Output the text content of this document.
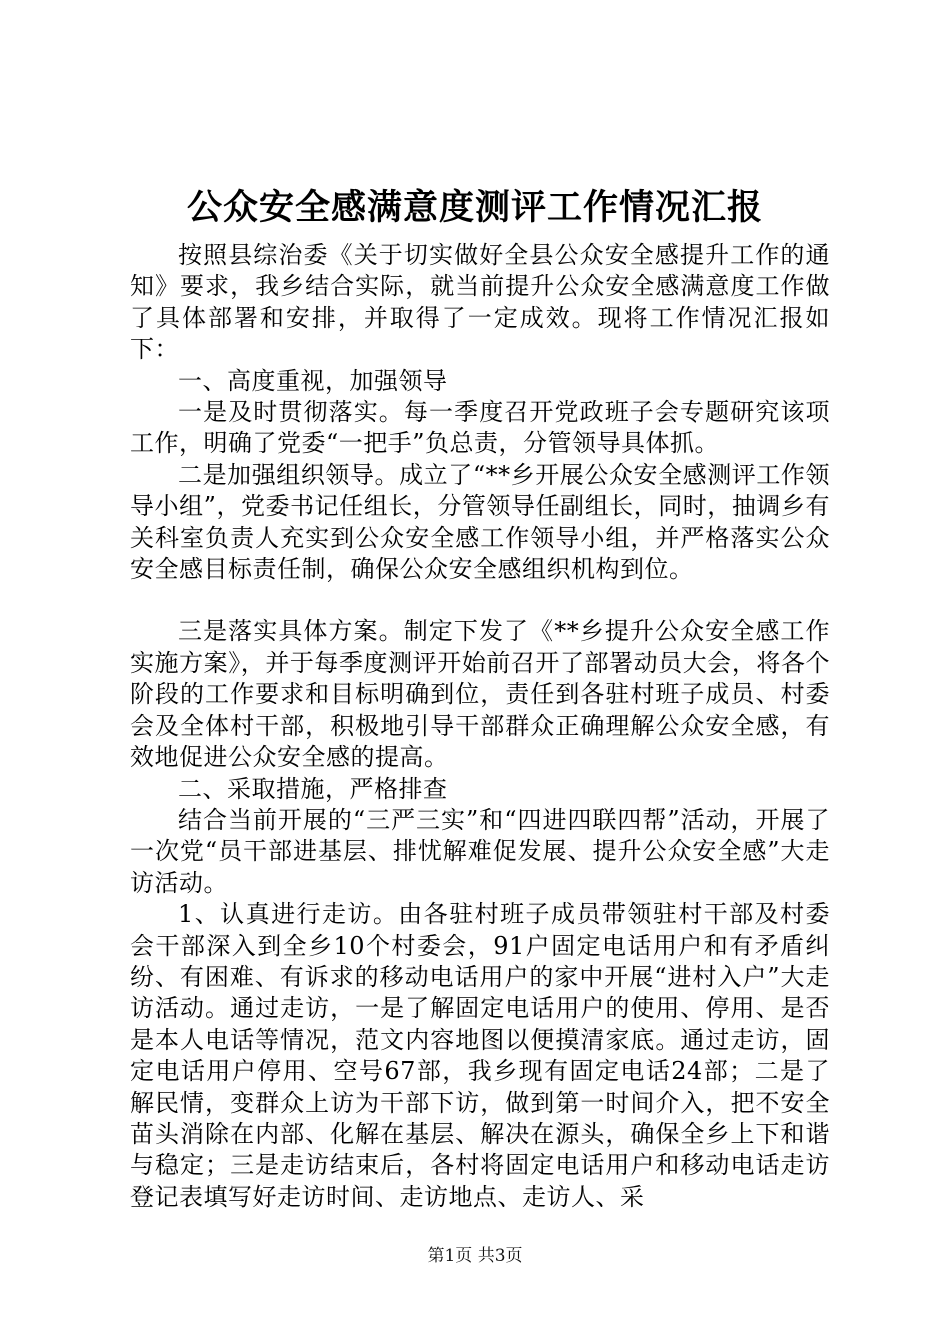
公众安全感满意度测评工作情况汇报

按照县综治委《关于切实做好全县公众安全感提升工作的通知》要求，我乡结合实际，就当前提升公众安全感满意度工作做了具体部署和安排，并取得了一定成效。现将工作情况汇报如下：

一、高度重视，加强领导

一是及时贯彻落实。每一季度召开党政班子会专题研究该项工作，明确了党委“一把手”负总责，分管领导具体抓。

二是加强组织领导。成立了“**乡开展公众安全感测评工作领导小组”，党委书记任组长，分管领导任副组长，同时，抽调乡有关科室负责人充实到公众安全感工作领导小组，并严格落实公众安全感目标责任制，确保公众安全感组织机构到位。

三是落实具体方案。制定下发了《**乡提升公众安全感工作实施方案》，并于每季度测评开始前召开了部署动员大会，将各个阶段的工作要求和目标明确到位，责任到各驻村班子成员、村委会及全体村干部，积极地引导干部群众正确理解公众安全感，有效地促进公众安全感的提高。

二、采取措施，严格排查

结合当前开展的“三严三实”和“四进四联四帮”活动，开展了一次党“员干部进基层、排忧解难促发展、提升公众安全感”大走访活动。

1、认真进行走访。由各驻村班子成员带领驻村干部及村委会干部深入到全乡10个村委会，91户固定电话用户和有矛盾纠纷、有困难、有诉求的移动电话用户的家中开展“进村入户”大走访活动。通过走访，一是了解固定电话用户的使用、停用、是否是本人电话等情况，范文内容地图以便摸清家底。通过走访，固定电话用户停用、空号67部，我乡现有固定电话24部；二是了解民情，变群众上访为干部下访，做到第一时间介入，把不安全苗头消除在内部、化解在基层、解决在源头，确保全乡上下和谐与稳定；三是走访结束后，各村将固定电话用户和移动电话走访登记表填写好走访时间、走访地点、走访人、采

第1页 共3页
